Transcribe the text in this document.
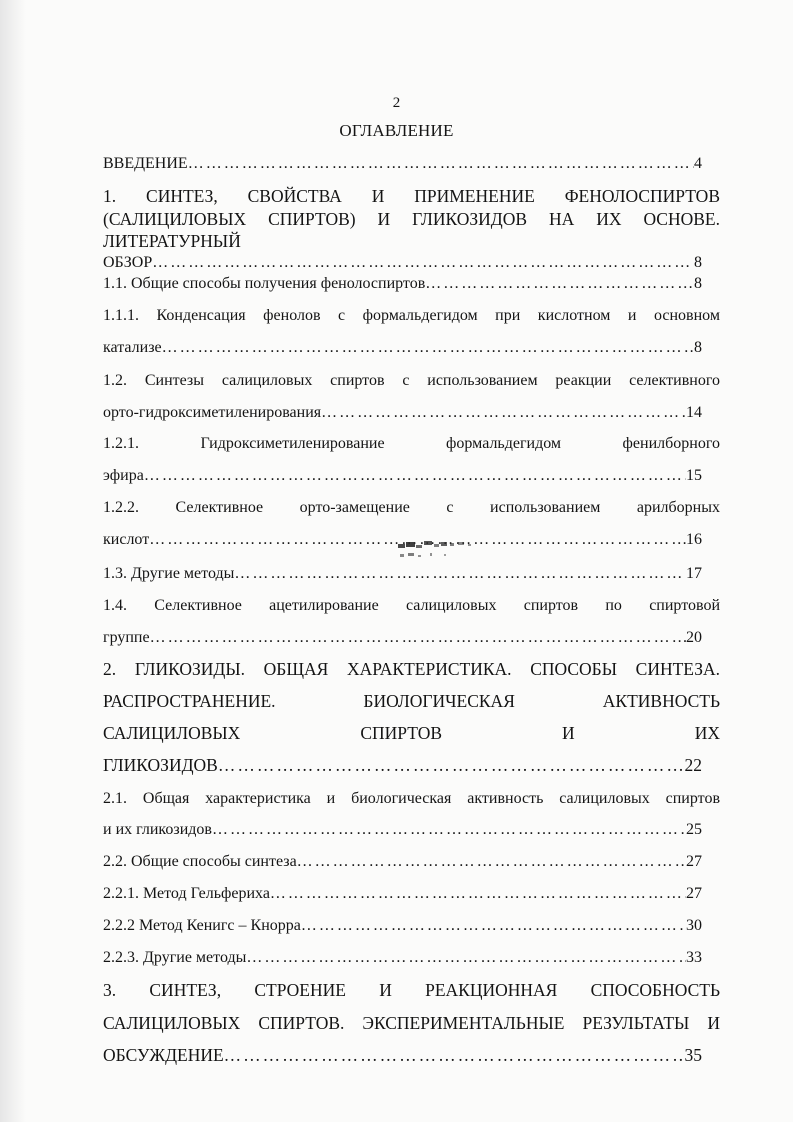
2
ОГЛАВЛЕНИЕ
ВВЕДЕНИЕ ………………………………………………………………………………………………………………………………………………………………………………………………	4
1. СИНТЕЗ, СВОЙСТВА И ПРИМЕНЕНИЕ ФЕНОЛОСПИРТОВ
(САЛИЦИЛОВЫХ СПИРТОВ) И ГЛИКОЗИДОВ НА ИХ ОСНОВЕ.
ЛИТЕРАТУРНЫЙ
ОБЗОР ………………………………………………………………………………………………………………………………………………………………………………………………	8
1.1. Общие способы получения фенолоспиртов ………………………………………………………………………………………………………………………………………………………………………………………………	8
1.1.1. Конденсация фенолов с формальдегидом при кислотном и основном
катализе ………………………………………………………………………………………………………………………………………………………………………………………………	8
1.2. Синтезы салициловых спиртов с использованием реакции селективного
орто-гидроксиметиленирования ………………………………………………………………………………………………………………………………………………………………………………………………	14
1.2.1. Гидроксиметиленирование формальдегидом фенилборного
эфира ………………………………………………………………………………………………………………………………………………………………………………………………	15
1.2.2. Селективное орто-замещение с использованием арилборных
кислот ………………………………………………………………………………………………………………………………………………………………………………………………	16
1.3. Другие методы ………………………………………………………………………………………………………………………………………………………………………………………………	17
1.4. Селективное ацетилирование салициловых спиртов по спиртовой
группе ………………………………………………………………………………………………………………………………………………………………………………………………	20
2. ГЛИКОЗИДЫ. ОБЩАЯ ХАРАКТЕРИСТИКА. СПОСОБЫ СИНТЕЗА.
РАСПРОСТРАНЕНИЕ. БИОЛОГИЧЕСКАЯ АКТИВНОСТЬ
САЛИЦИЛОВЫХ СПИРТОВ И ИХ
ГЛИКОЗИДОВ ………………………………………………………………………………………………………………………………………………………………………………………………	22
2.1. Общая характеристика и биологическая активность салициловых спиртов
и их гликозидов ………………………………………………………………………………………………………………………………………………………………………………………………	25
2.2. Общие способы синтеза ………………………………………………………………………………………………………………………………………………………………………………………………	27
2.2.1. Метод Гельфериха ………………………………………………………………………………………………………………………………………………………………………………………………	27
2.2.2 Метод Кенигс – Кнорра ………………………………………………………………………………………………………………………………………………………………………………………………	30
2.2.3. Другие методы ………………………………………………………………………………………………………………………………………………………………………………………………	33
3. СИНТЕЗ, СТРОЕНИЕ И РЕАКЦИОННАЯ СПОСОБНОСТЬ
САЛИЦИЛОВЫХ СПИРТОВ. ЭКСПЕРИМЕНТАЛЬНЫЕ РЕЗУЛЬТАТЫ И
ОБСУЖДЕНИЕ ………………………………………………………………………………………………………………………………………………………………………………………………	35
